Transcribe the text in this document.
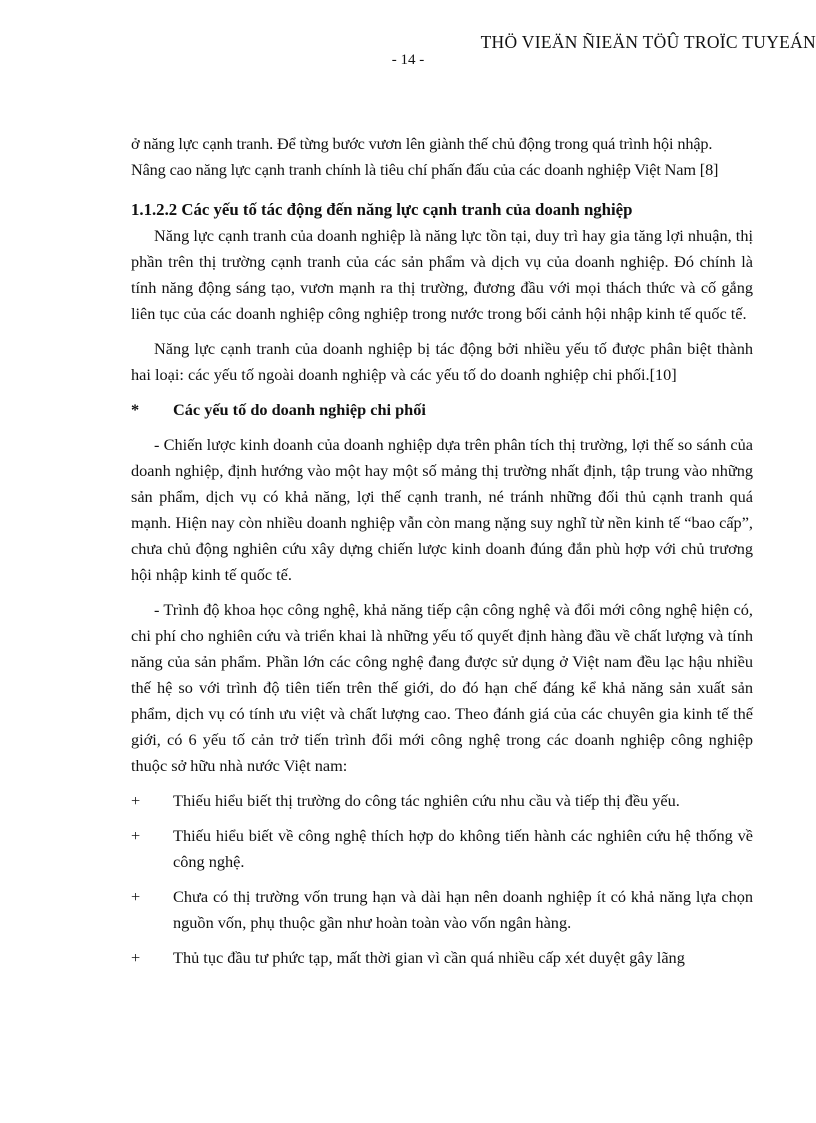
THÖ VIEÄN ÑIEÄN TÖÛ TROÏC TUYEÁN
- 14 -

ở năng lực cạnh tranh. Để từng bước vươn lên giành thế chủ động trong quá trình hội nhập.

Nâng cao năng lực cạnh tranh chính là tiêu chí phấn đấu của các doanh nghiệp Việt Nam [8]

1.1.2.2 Các yếu tố tác động đến năng lực cạnh tranh của doanh nghiệp

Năng lực cạnh tranh của doanh nghiệp là năng lực tồn tại, duy trì hay gia tăng lợi nhuận, thị phần trên thị trường cạnh tranh của các sản phẩm và dịch vụ của doanh nghiệp. Đó chính là tính năng động sáng tạo, vươn mạnh ra thị trường, đương đầu với mọi thách thức và cố gắng liên tục của các doanh nghiệp công nghiệp trong nước trong bối cảnh hội nhập kinh tế quốc tế.

Năng lực cạnh tranh của doanh nghiệp bị tác động bởi nhiều yếu tố được phân biệt thành hai loại: các yếu tố ngoài doanh nghiệp và các yếu tố do doanh nghiệp chi phối.[10]

* Các yếu tố do doanh nghiệp chi phối

- Chiến lược kinh doanh của doanh nghiệp dựa trên phân tích thị trường, lợi thế so sánh của doanh nghiệp, định hướng vào một hay một số mảng thị trường nhất định, tập trung vào những sản phẩm, dịch vụ có khả năng, lợi thế cạnh tranh, né tránh những đối thủ cạnh tranh quá mạnh. Hiện nay còn nhiều doanh nghiệp vẫn còn mang nặng suy nghĩ từ nền kinh tế “bao cấp”, chưa chủ động nghiên cứu xây dựng chiến lược kinh doanh đúng đắn phù hợp với chủ trương hội nhập kinh tế quốc tế.

- Trình độ khoa học công nghệ, khả năng tiếp cận công nghệ và đổi mới công nghệ hiện có, chi phí cho nghiên cứu và triển khai là những yếu tố quyết định hàng đầu về chất lượng và tính năng của sản phẩm. Phần lớn các công nghệ đang được sử dụng ở Việt nam đều lạc hậu nhiều thế hệ so với trình độ tiên tiến trên thế giới, do đó hạn chế đáng kể khả năng sản xuất sản phẩm, dịch vụ có tính ưu việt và chất lượng cao. Theo đánh giá của các chuyên gia kinh tế thế giới, có 6 yếu tố cản trở tiến trình đổi mới công nghệ trong các doanh nghiệp công nghiệp thuộc sở hữu nhà nước Việt nam:

+ Thiếu hiểu biết thị trường do công tác nghiên cứu nhu cầu và tiếp thị đều yếu.

+ Thiếu hiểu biết về công nghệ thích hợp do không tiến hành các nghiên cứu hệ thống về công nghệ.

+ Chưa có thị trường vốn trung hạn và dài hạn nên doanh nghiệp ít có khả năng lựa chọn nguồn vốn, phụ thuộc gần như hoàn toàn vào vốn ngân hàng.

+ Thủ tục đầu tư phức tạp, mất thời gian vì cần quá nhiều cấp xét duyệt gây lãng
